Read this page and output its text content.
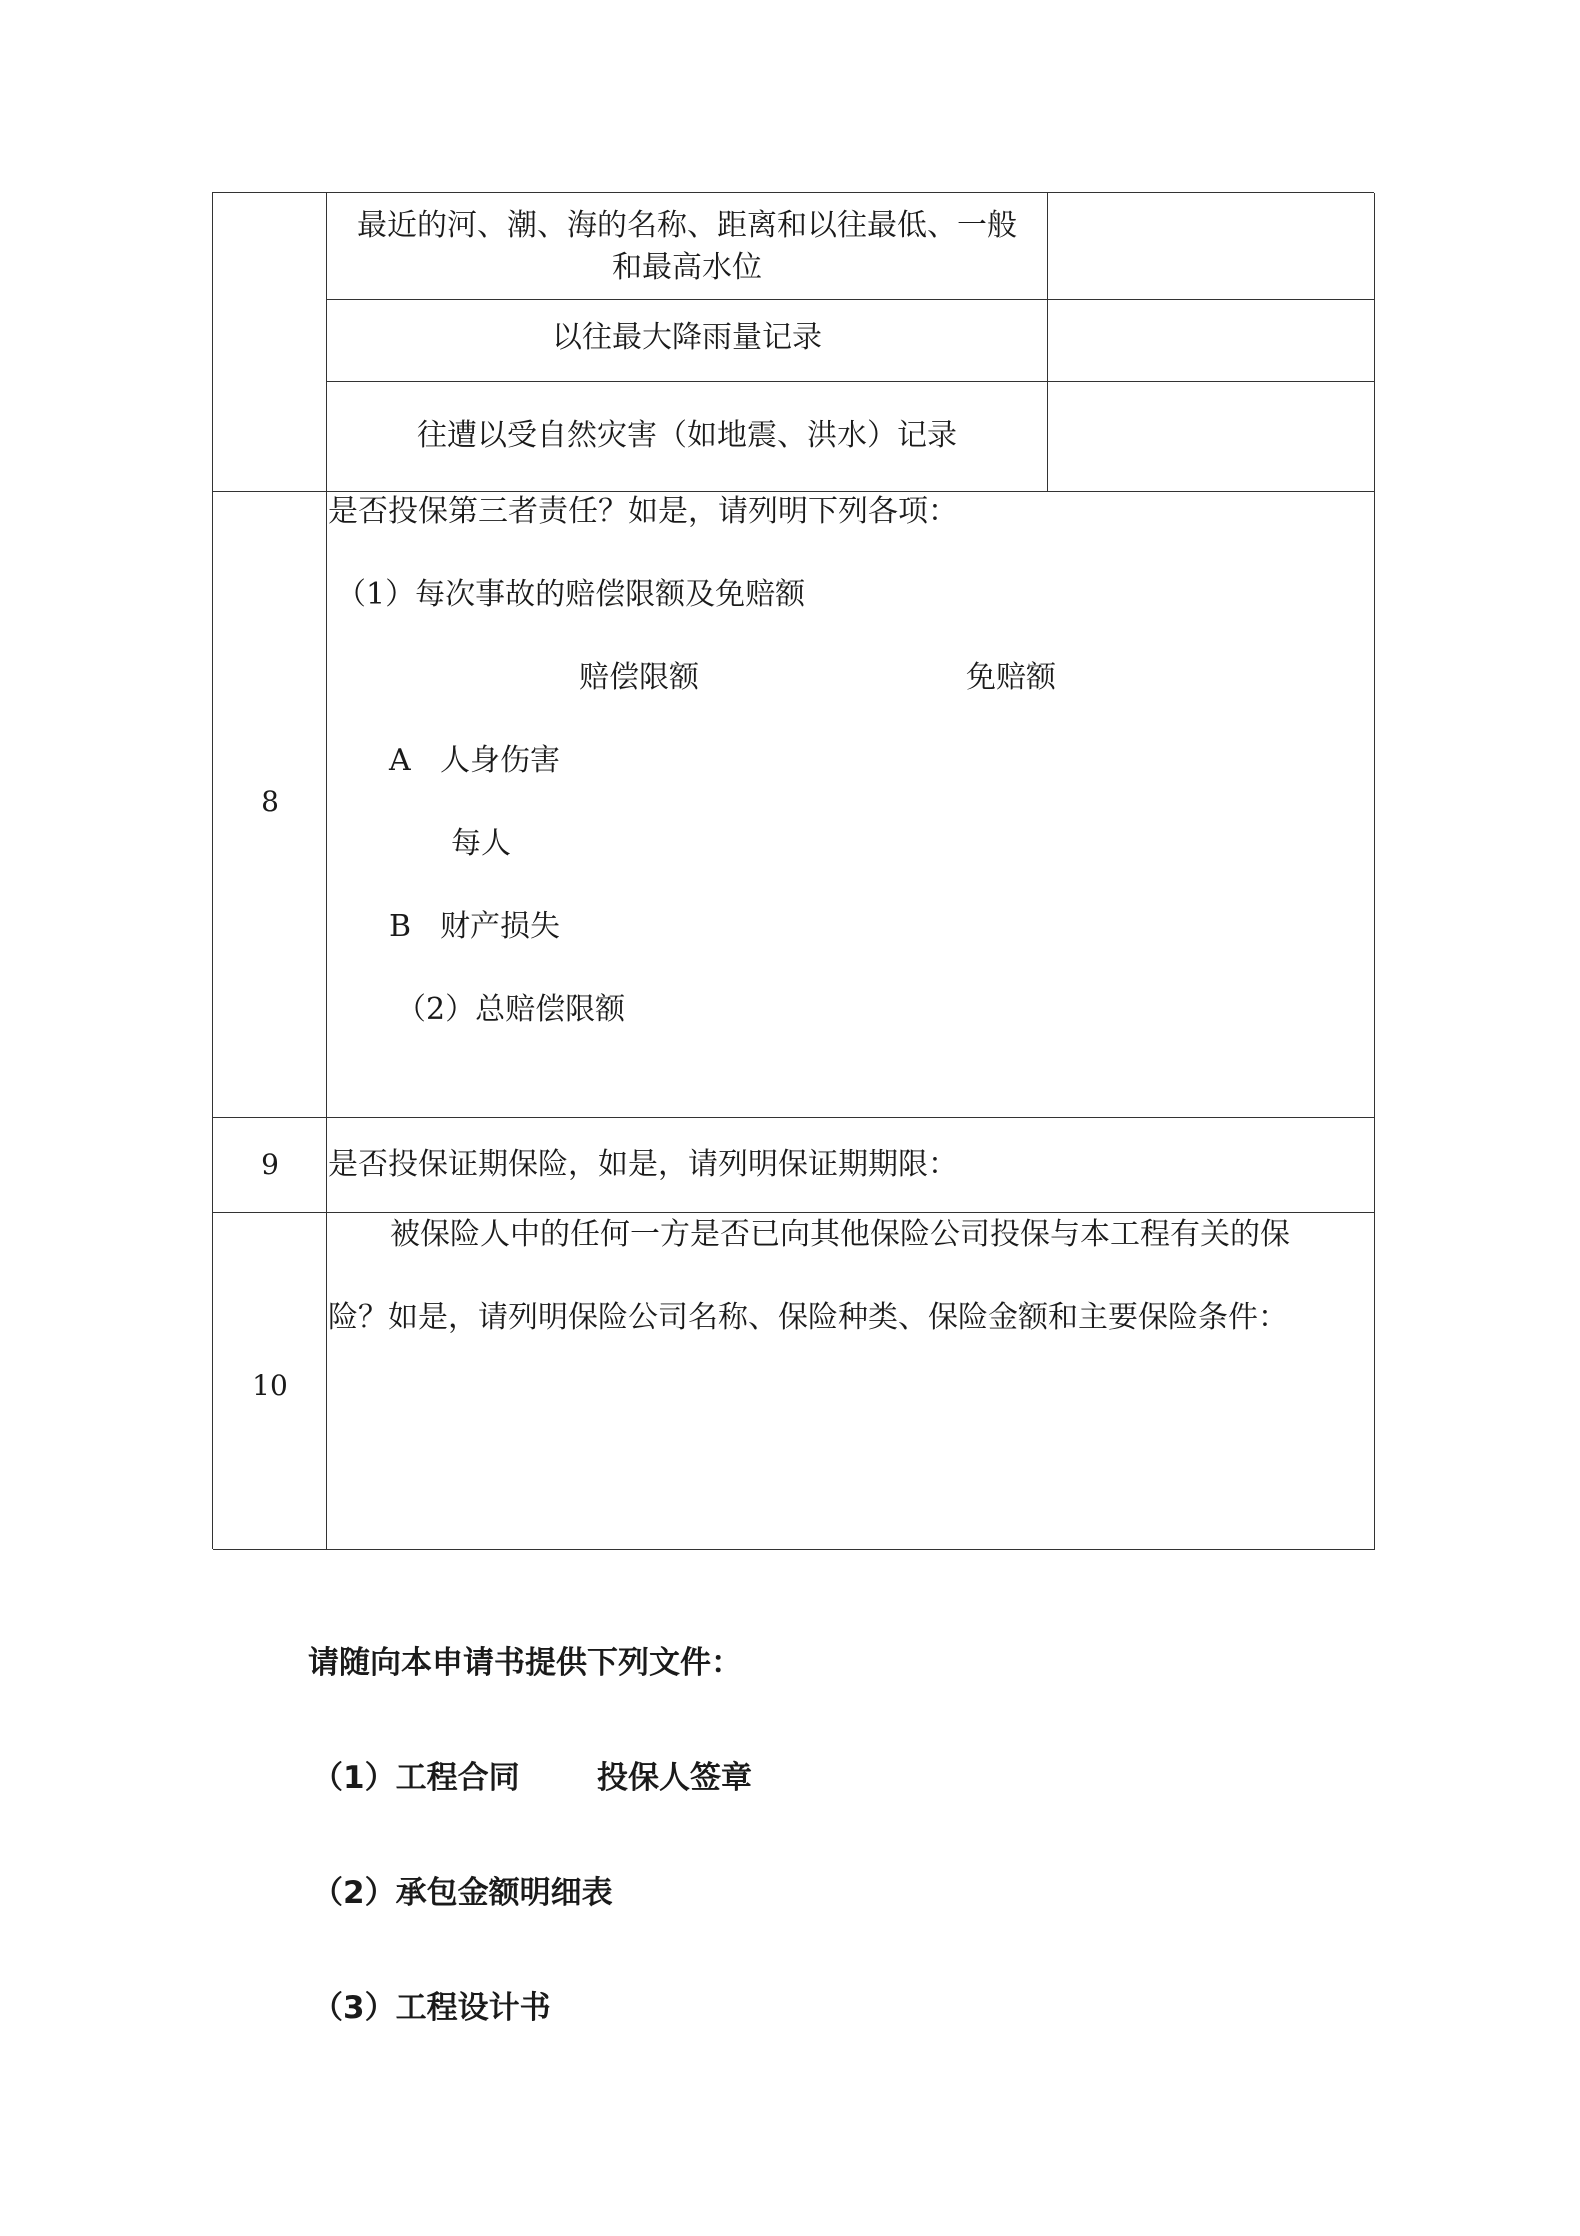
最近的河、潮、海的名称、距离和以往最低、一般
和最高水位
以往最大降雨量记录
往遭以受自然灾害（如地震、洪水）记录
8
是否投保第三者责任？如是，请列明下列各项：
（1）每次事故的赔偿限额及免赔额
赔偿限额	免赔额
A 人身伤害
每人
B 财产损失
（2）总赔偿限额
9	是否投保证期保险，如是，请列明保证期期限：
10
被保险人中的任何一方是否已向其他保险公司投保与本工程有关的保
险？如是，请列明保险公司名称、保险种类、保险金额和主要保险条件：
请随向本申请书提供下列文件：
（1）工程合同 投保人签章
（2）承包金额明细表
（3）工程设计书
